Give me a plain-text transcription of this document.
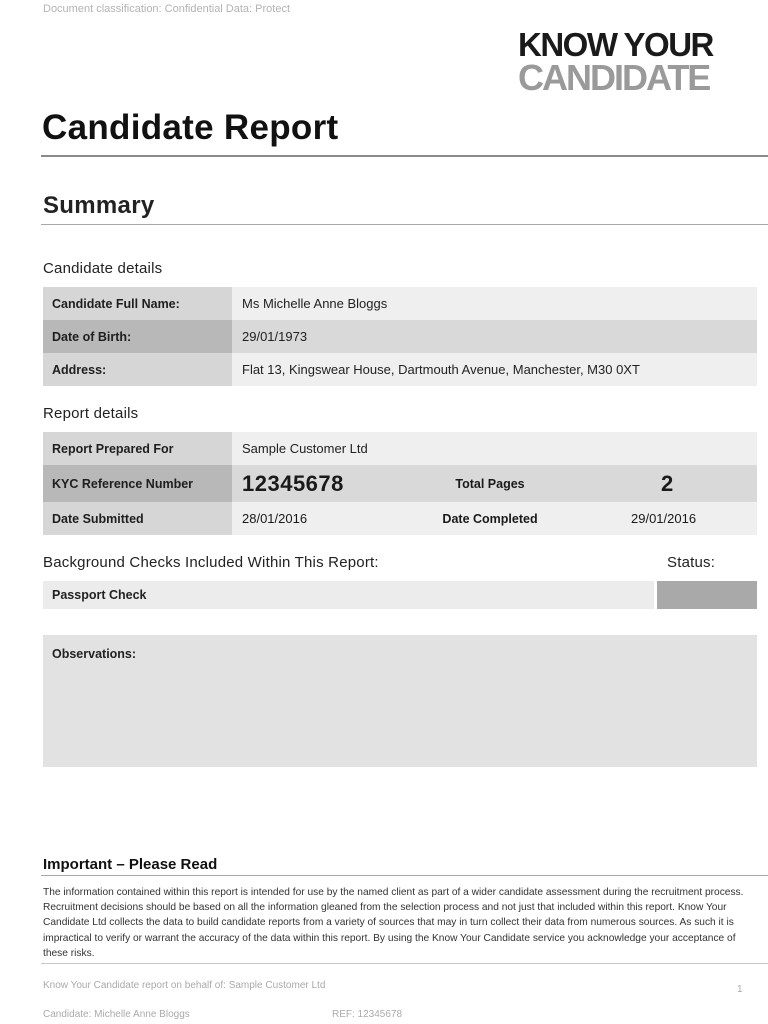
Document classification: Confidential Data: Protect
KNOW YOUR
CANDIDATE
Candidate Report
Summary
Candidate details
Candidate Full Name:	Ms Michelle Anne Bloggs
Date of Birth:	29/01/1973
Address:	Flat 13, Kingswear House, Dartmouth Avenue, Manchester, M30 0XT
Report details
Report Prepared For	Sample Customer Ltd
KYC Reference Number	12345678	Total Pages	2
Date Submitted	28/01/2016	Date Completed	29/01/2016
Background Checks Included Within This Report:	Status:
Passport Check
Observations:
Important – Please Read
The information contained within this report is intended for use by the named client as part of a wider candidate assessment during the recruitment process. Recruitment decisions should be based on all the information gleaned from the selection process and not just that included within this report. Know Your Candidate Ltd collects the data to build candidate reports from a variety of sources that may in turn collect their data from numerous sources. As such it is impractical to verify or warrant the accuracy of the data within this report. By using the Know Your Candidate service you acknowledge your acceptance of these risks.
Know Your Candidate report on behalf of: Sample Customer Ltd	1
Candidate: Michelle Anne Bloggs	REF: 12345678
